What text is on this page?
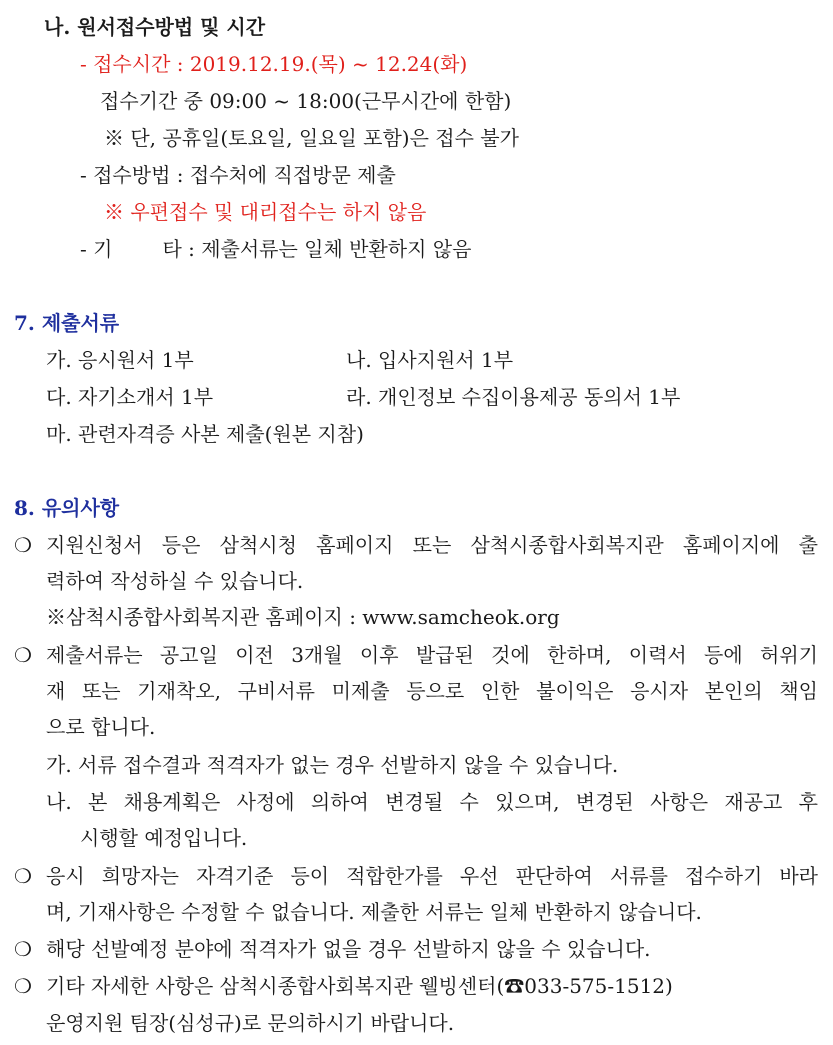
나. 원서접수방법 및 시간
- 접수시간 : 2019.12.19.(목) ~ 12.24(화)
접수기간 중 09:00 ~ 18:00(근무시간에 한함)
※ 단, 공휴일(토요일, 일요일 포함)은 접수 불가
- 접수방법 : 접수처에 직접방문 제출
※ 우편접수 및 대리접수는 하지 않음
- 기	타 : 제출서류는 일체 반환하지 않음
7. 제출서류
가. 응시원서 1부	나. 입사지원서 1부
다. 자기소개서 1부	라. 개인정보 수집이용제공 동의서 1부
마. 관련자격증 사본 제출(원본 지참)
8. 유의사항
❍ 지원신청서 등은 삼척시청 홈페이지 또는 삼척시종합사회복지관 홈페이지에 출
력하여 작성하실 수 있습니다.
※삼척시종합사회복지관 홈페이지 : www.samcheok.org
❍ 제출서류는 공고일 이전 3개월 이후 발급된 것에 한하며, 이력서 등에 허위기
재 또는 기재착오, 구비서류 미제출 등으로 인한 불이익은 응시자 본인의 책임
으로 합니다.
가. 서류 접수결과 적격자가 없는 경우 선발하지 않을 수 있습니다.
나. 본 채용계획은 사정에 의하여 변경될 수 있으며, 변경된 사항은 재공고 후
시행할 예정입니다.
❍ 응시 희망자는 자격기준 등이 적합한가를 우선 판단하여 서류를 접수하기 바라
며, 기재사항은 수정할 수 없습니다. 제출한 서류는 일체 반환하지 않습니다.
❍ 해당 선발예정 분야에 적격자가 없을 경우 선발하지 않을 수 있습니다.
❍ 기타 자세한 사항은 삼척시종합사회복지관 웰빙센터(☎033-575-1512)
운영지원 팀장(심성규)로 문의하시기 바랍니다.
